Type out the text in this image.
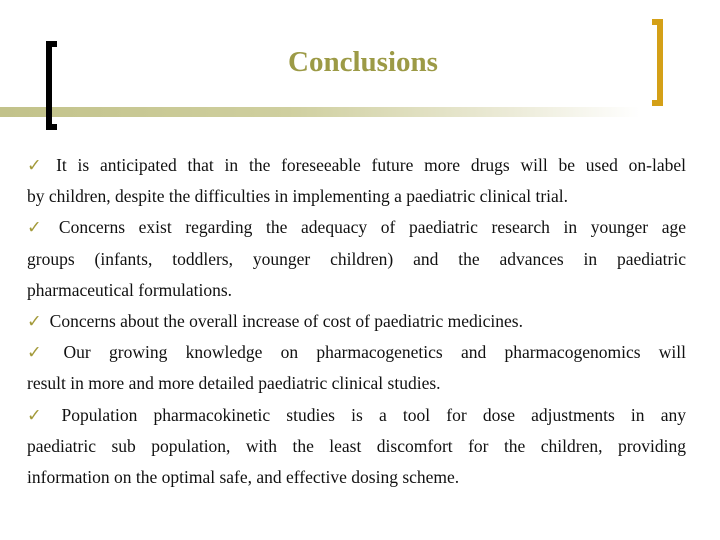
Conclusions
✓ It is anticipated that in the foreseeable future more drugs will be used on-label
by children, despite the difficulties in implementing a paediatric clinical trial.
✓ Concerns exist regarding the adequacy of paediatric research in younger age
groups (infants, toddlers, younger children) and the advances in paediatric
pharmaceutical formulations.
✓ Concerns about the overall increase of cost of paediatric medicines.
✓ Our growing knowledge on pharmacogenetics and pharmacogenomics will
result in more and more detailed paediatric clinical studies.
✓ Population pharmacokinetic studies is a tool for dose adjustments in any
paediatric sub population, with the least discomfort for the children, providing
information on the optimal safe, and effective dosing scheme.
